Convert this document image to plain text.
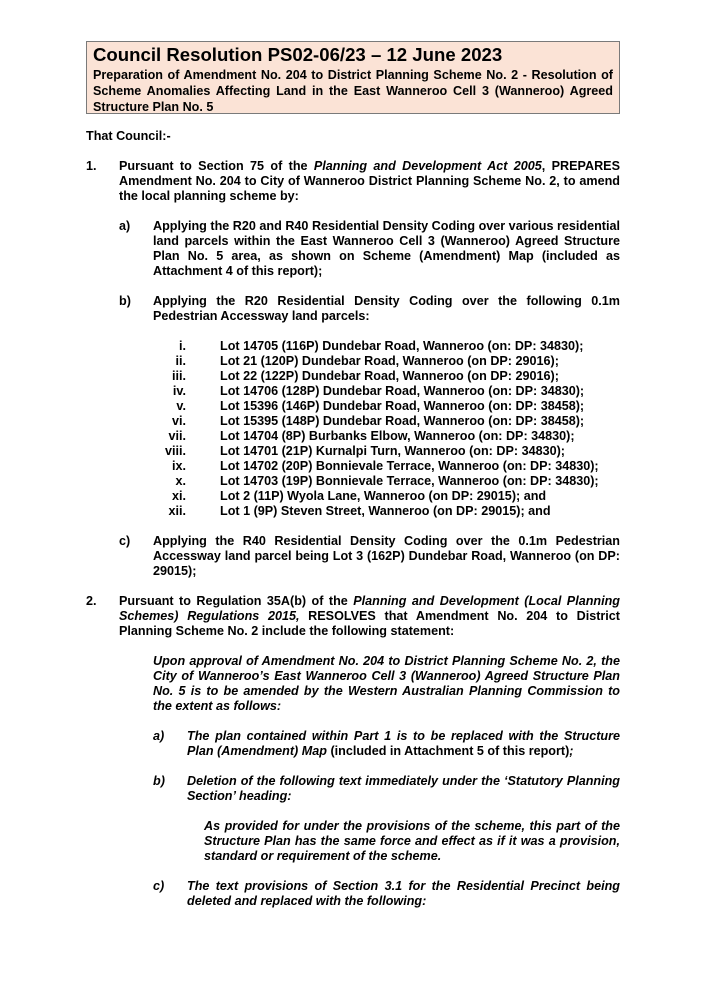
Council Resolution PS02-06/23 – 12 June 2023
Preparation of Amendment No. 204 to District Planning Scheme No. 2 - Resolution of Scheme Anomalies Affecting Land in the East Wanneroo Cell 3 (Wanneroo) Agreed Structure Plan No. 5
That Council:-
1. Pursuant to Section 75 of the Planning and Development Act 2005, PREPARES Amendment No. 204 to City of Wanneroo District Planning Scheme No. 2, to amend the local planning scheme by:
a) Applying the R20 and R40 Residential Density Coding over various residential land parcels within the East Wanneroo Cell 3 (Wanneroo) Agreed Structure Plan No. 5 area, as shown on Scheme (Amendment) Map (included as Attachment 4 of this report);
b) Applying the R20 Residential Density Coding over the following 0.1m Pedestrian Accessway land parcels:
i.	Lot 14705 (116P) Dundebar Road, Wanneroo (on: DP: 34830);
ii.	Lot 21 (120P) Dundebar Road, Wanneroo (on DP: 29016);
iii.	Lot 22 (122P) Dundebar Road, Wanneroo (on DP: 29016);
iv.	Lot 14706 (128P) Dundebar Road, Wanneroo (on: DP: 34830);
v.	Lot 15396 (146P) Dundebar Road, Wanneroo (on: DP: 38458);
vi.	Lot 15395 (148P) Dundebar Road, Wanneroo (on: DP: 38458);
vii.	Lot 14704 (8P) Burbanks Elbow, Wanneroo (on: DP: 34830);
viii.	Lot 14701 (21P) Kurnalpi Turn, Wanneroo (on: DP: 34830);
ix.	Lot 14702 (20P) Bonnievale Terrace, Wanneroo (on: DP: 34830);
x.	Lot 14703 (19P) Bonnievale Terrace, Wanneroo (on: DP: 34830);
xi.	Lot 2 (11P) Wyola Lane, Wanneroo (on DP: 29015); and
xii.	Lot 1 (9P) Steven Street, Wanneroo (on DP: 29015); and
c) Applying the R40 Residential Density Coding over the 0.1m Pedestrian Accessway land parcel being Lot 3 (162P) Dundebar Road, Wanneroo (on DP: 29015);
2. Pursuant to Regulation 35A(b) of the Planning and Development (Local Planning Schemes) Regulations 2015, RESOLVES that Amendment No. 204 to District Planning Scheme No. 2 include the following statement:
Upon approval of Amendment No. 204 to District Planning Scheme No. 2, the City of Wanneroo’s East Wanneroo Cell 3 (Wanneroo) Agreed Structure Plan No. 5 is to be amended by the Western Australian Planning Commission to the extent as follows:
a) The plan contained within Part 1 is to be replaced with the Structure Plan (Amendment) Map (included in Attachment 5 of this report);
b) Deletion of the following text immediately under the ‘Statutory Planning Section’ heading:
As provided for under the provisions of the scheme, this part of the Structure Plan has the same force and effect as if it was a provision, standard or requirement of the scheme.
c) The text provisions of Section 3.1 for the Residential Precinct being deleted and replaced with the following:
